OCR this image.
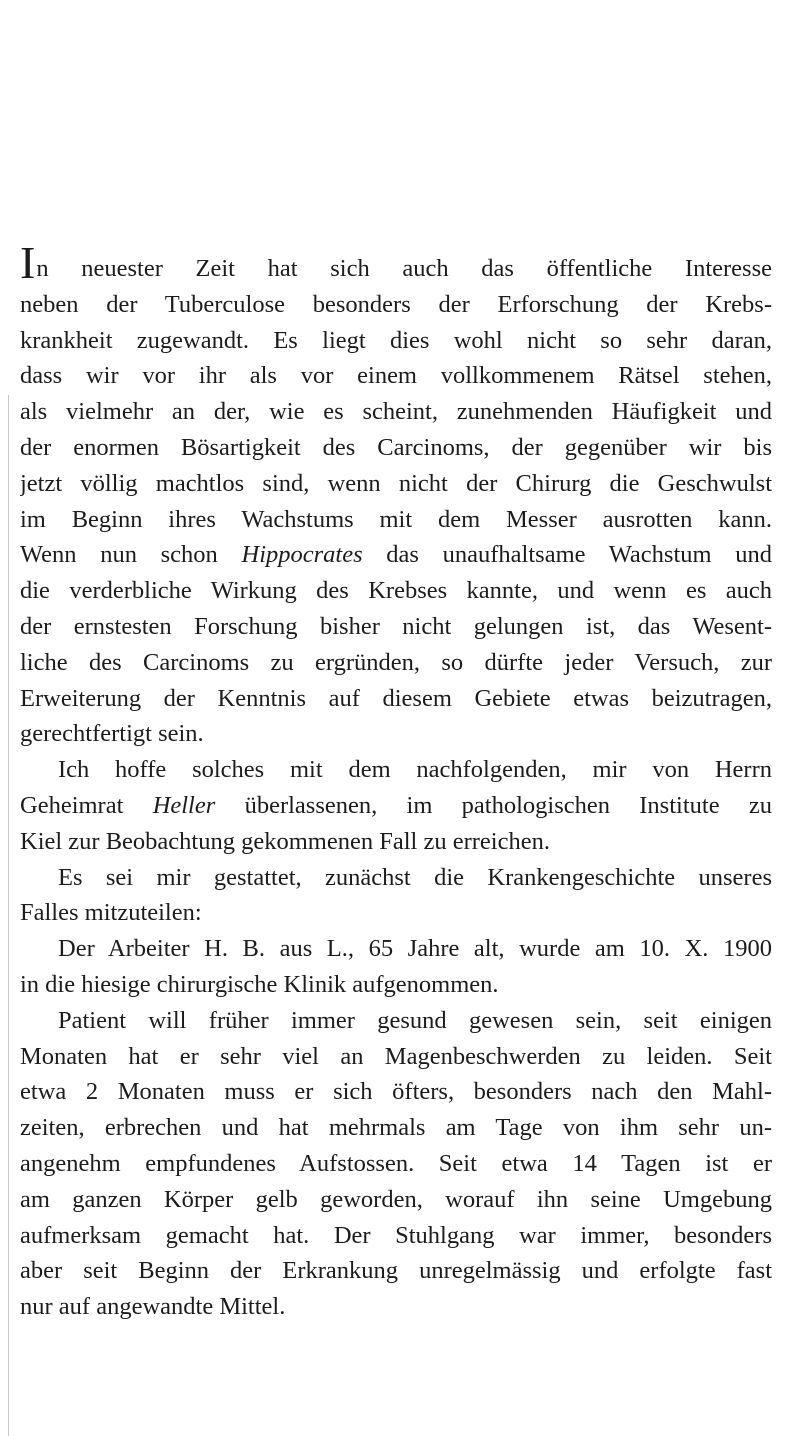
In neuester Zeit hat sich auch das öffentliche Interesse
neben der Tuberculose besonders der Erforschung der Krebs-
krankheit zugewandt. Es liegt dies wohl nicht so sehr daran,
dass wir vor ihr als vor einem vollkommenem Rätsel stehen,
als vielmehr an der, wie es scheint, zunehmenden Häufigkeit und
der enormen Bösartigkeit des Carcinoms, der gegenüber wir bis
jetzt völlig machtlos sind, wenn nicht der Chirurg die Geschwulst
im Beginn ihres Wachstums mit dem Messer ausrotten kann.
Wenn nun schon Hippocrates das unaufhaltsame Wachstum und
die verderbliche Wirkung des Krebses kannte, und wenn es auch
der ernstesten Forschung bisher nicht gelungen ist, das Wesent-
liche des Carcinoms zu ergründen, so dürfte jeder Versuch, zur
Erweiterung der Kenntnis auf diesem Gebiete etwas beizutragen,
gerechtfertigt sein.
Ich hoffe solches mit dem nachfolgenden, mir von Herrn
Geheimrat Heller überlassenen, im pathologischen Institute zu
Kiel zur Beobachtung gekommenen Fall zu erreichen.
Es sei mir gestattet, zunächst die Krankengeschichte unseres
Falles mitzuteilen:
Der Arbeiter H. B. aus L., 65 Jahre alt, wurde am 10. X. 1900
in die hiesige chirurgische Klinik aufgenommen.
Patient will früher immer gesund gewesen sein, seit einigen
Monaten hat er sehr viel an Magenbeschwerden zu leiden. Seit
etwa 2 Monaten muss er sich öfters, besonders nach den Mahl-
zeiten, erbrechen und hat mehrmals am Tage von ihm sehr un-
angenehm empfundenes Aufstossen. Seit etwa 14 Tagen ist er
am ganzen Körper gelb geworden, worauf ihn seine Umgebung
aufmerksam gemacht hat. Der Stuhlgang war immer, besonders
aber seit Beginn der Erkrankung unregelmässig und erfolgte fast
nur auf angewandte Mittel.
